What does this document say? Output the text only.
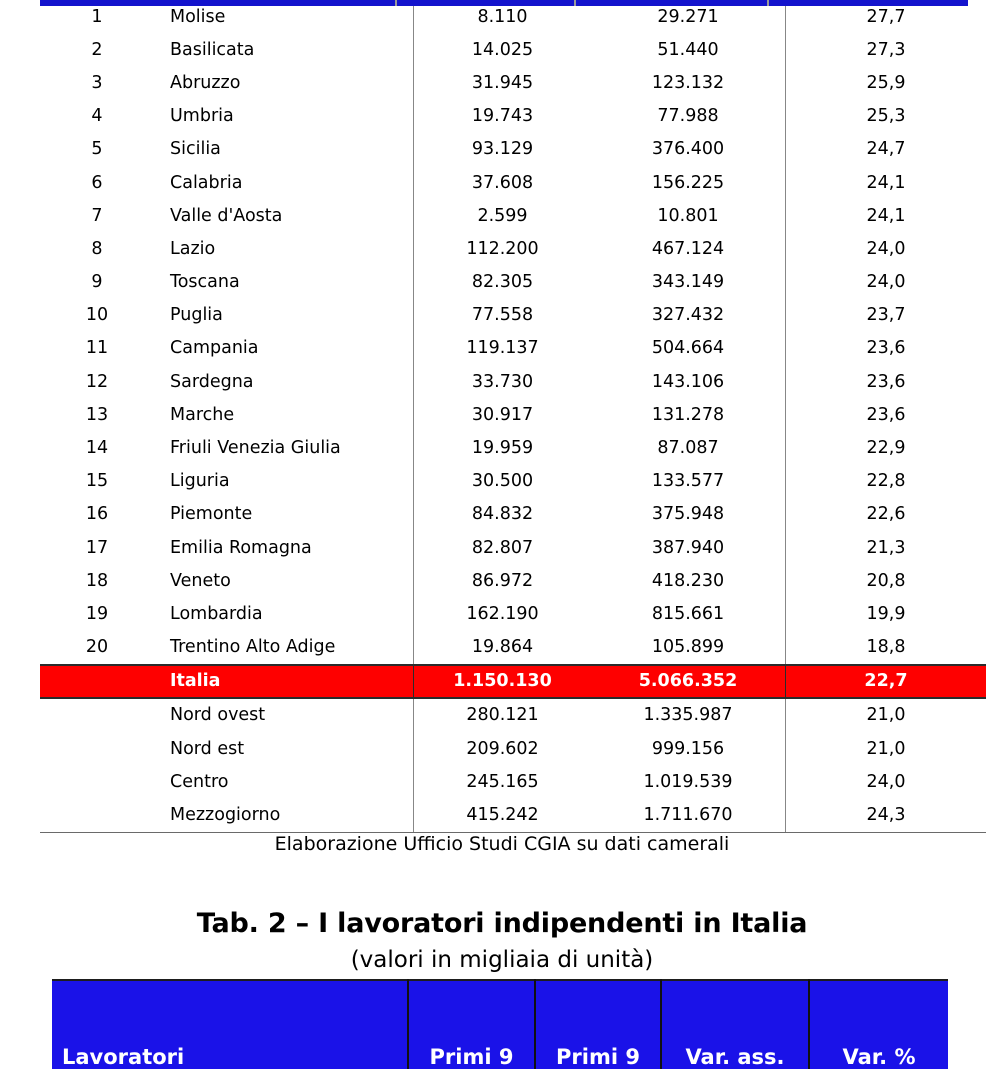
1	Molise	8.110	29.271	27,7
2	Basilicata	14.025	51.440	27,3
3	Abruzzo	31.945	123.132	25,9
4	Umbria	19.743	77.988	25,3
5	Sicilia	93.129	376.400	24,7
6	Calabria	37.608	156.225	24,1
7	Valle d'Aosta	2.599	10.801	24,1
8	Lazio	112.200	467.124	24,0
9	Toscana	82.305	343.149	24,0
10	Puglia	77.558	327.432	23,7
11	Campania	119.137	504.664	23,6
12	Sardegna	33.730	143.106	23,6
13	Marche	30.917	131.278	23,6
14	Friuli Venezia Giulia	19.959	87.087	22,9
15	Liguria	30.500	133.577	22,8
16	Piemonte	84.832	375.948	22,6
17	Emilia Romagna	82.807	387.940	21,3
18	Veneto	86.972	418.230	20,8
19	Lombardia	162.190	815.661	19,9
20	Trentino Alto Adige	19.864	105.899	18,8
	Italia	1.150.130	5.066.352	22,7
	Nord ovest	280.121	1.335.987	21,0
	Nord est	209.602	999.156	21,0
	Centro	245.165	1.019.539	24,0
	Mezzogiorno	415.242	1.711.670	24,3
Elaborazione Ufficio Studi CGIA su dati camerali
Tab. 2 – I lavoratori indipendenti in Italia
(valori in migliaia di unità)
Lavoratori	Primi 9	Primi 9	Var. ass.	Var. %
